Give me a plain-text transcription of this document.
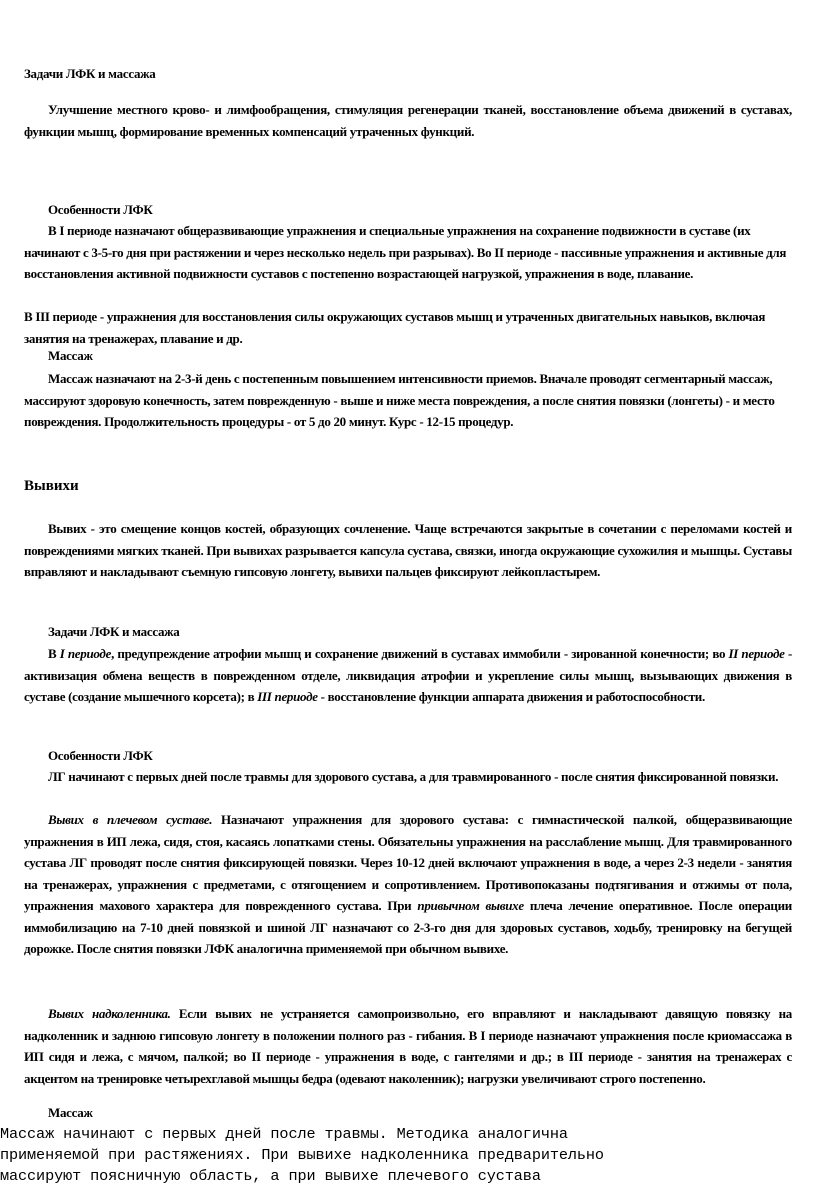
Задачи ЛФК и массажа

Улучшение местного крово- и лимфообращения, стимуляция регенерации тканей, восстановление объема движений в суставах, функции мышц, формирование временных компенсаций утраченных функций.

Особенности ЛФК

В I периоде назначают общеразвивающие упражнения и специальные упражнения на сохранение подвижности в суставе (их начинают с 3-5-го дня при растяжении и через несколько недель при разрывах). Во II периоде - пассивные упражнения и активные для восстановления активной подвижности суставов с постепенно возрастающей нагрузкой, упражнения в воде, плавание.

В III периоде - упражнения для восстановления силы окружающих суставов мышц и утраченных двигательных навыков, включая занятия на тренажерах, плавание и др.

Массаж

Массаж назначают на 2-3-й день с постепенным повышением интенсивности приемов. Вначале проводят сегментарный массаж, массируют здоровую конечность, затем поврежденную - выше и ниже места повреждения, а после снятия повязки (лонгеты) - и место повреждения. Продолжительность процедуры - от 5 до 20 минут. Курс - 12-15 процедур.

Вывихи

Вывих - это смещение концов костей, образующих сочленение. Чаще встречаются закрытые в сочетании с переломами костей и повреждениями мягких тканей. При вывихах разрывается капсула сустава, связки, иногда окружающие сухожилия и мышцы. Суставы вправляют и накладывают съемную гипсовую лонгету, вывихи пальцев фиксируют лейкопластырем.

Задачи ЛФК и массажа

В I периоде, предупреждение атрофии мышц и сохранение движений в суставах иммобили - зированной конечности; во II периоде - активизация обмена веществ в поврежденном отделе, ликвидация атрофии и укрепление силы мышц, вызывающих движения в суставе (создание мышечного корсета); в III периоде - восстановление функции аппарата движения и работоспособности.

Особенности ЛФК

ЛГ начинают с первых дней после травмы для здорового сустава, а для травмированного - после снятия фиксированной повязки.

Вывих в плечевом суставе. Назначают упражнения для здорового сустава: с гимнастической палкой, общеразвивающие упражнения в ИП лежа, сидя, стоя, касаясь лопатками стены. Обязательны упражнения на расслабление мышц. Для травмированного сустава ЛГ проводят после снятия фиксирующей повязки. Через 10-12 дней включают упражнения в воде, а через 2-3 недели - занятия на тренажерах, упражнения с предметами, с отягощением и сопротивлением. Противопоказаны подтягивания и отжимы от пола, упражнения махового характера для поврежденного сустава. При привычном вывихе плеча лечение оперативное. После операции иммобилизацию на 7-10 дней повязкой и шиной ЛГ назначают со 2-3-го дня для здоровых суставов, ходьбу, тренировку на бегущей дорожке. После снятия повязки ЛФК аналогична применяемой при обычном вывихе.

Вывих надколенника. Если вывих не устраняется самопроизвольно, его вправляют и накладывают давящую повязку на надколенник и заднюю гипсовую лонгету в положении полного раз - гибания. В I периоде назначают упражнения после криомассажа в ИП сидя и лежа, с мячом, палкой; во II периоде - упражнения в воде, с гантелями и др.; в III периоде - занятия на тренажерах с акцентом на тренировке четырехглавой мышцы бедра (одевают наколенник); нагрузки увеличивают строго постепенно.

Массаж

Массаж начинают с первых дней после травмы. Методика аналогична

применяемой при растяжениях. При вывихе надколенника предварительно

массируют поясничную область, а при вывихе плечевого сустава
